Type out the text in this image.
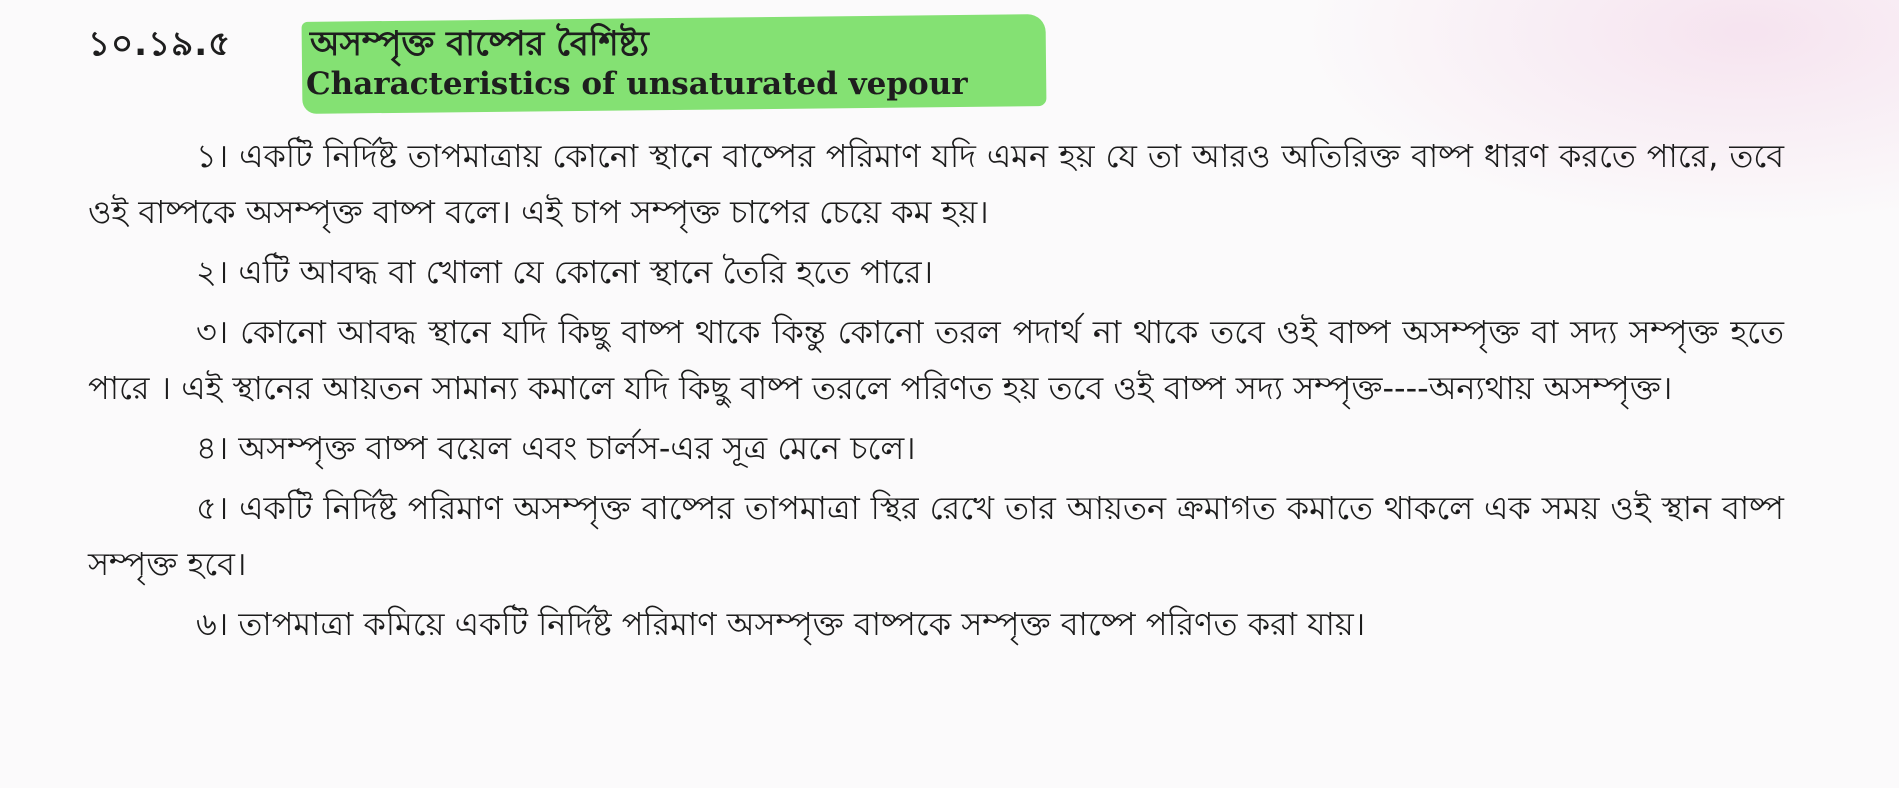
১০.১৯.৫ অসম্পৃক্ত বাষ্পের বৈশিষ্ট্য
Characteristics of unsaturated vepour

১। একটি নির্দিষ্ট তাপমাত্রায় কোনো স্থানে বাষ্পের পরিমাণ যদি এমন হয় যে তা আরও অতিরিক্ত বাষ্প ধারণ করতে পারে, তবে ওই বাষ্পকে অসম্পৃক্ত বাষ্প বলে। এই চাপ সম্পৃক্ত চাপের চেয়ে কম হয়।

২। এটি আবদ্ধ বা খোলা যে কোনো স্থানে তৈরি হতে পারে।

৩। কোনো আবদ্ধ স্থানে যদি কিছু বাষ্প থাকে কিন্তু কোনো তরল পদার্থ না থাকে তবে ওই বাষ্প অসম্পৃক্ত বা সদ্য সম্পৃক্ত হতে পারে । এই স্থানের আয়তন সামান্য কমালে যদি কিছু বাষ্প তরলে পরিণত হয় তবে ওই বাষ্প সদ্য সম্পৃক্ত----অন্যথায় অসম্পৃক্ত।

৪। অসম্পৃক্ত বাষ্প বয়েল এবং চার্লস-এর সূত্র মেনে চলে।

৫। একটি নির্দিষ্ট পরিমাণ অসম্পৃক্ত বাষ্পের তাপমাত্রা স্থির রেখে তার আয়তন ক্রমাগত কমাতে থাকলে এক সময় ওই স্থান বাষ্প সম্পৃক্ত হবে।

৬। তাপমাত্রা কমিয়ে একটি নির্দিষ্ট পরিমাণ অসম্পৃক্ত বাষ্পকে সম্পৃক্ত বাষ্পে পরিণত করা যায়।
